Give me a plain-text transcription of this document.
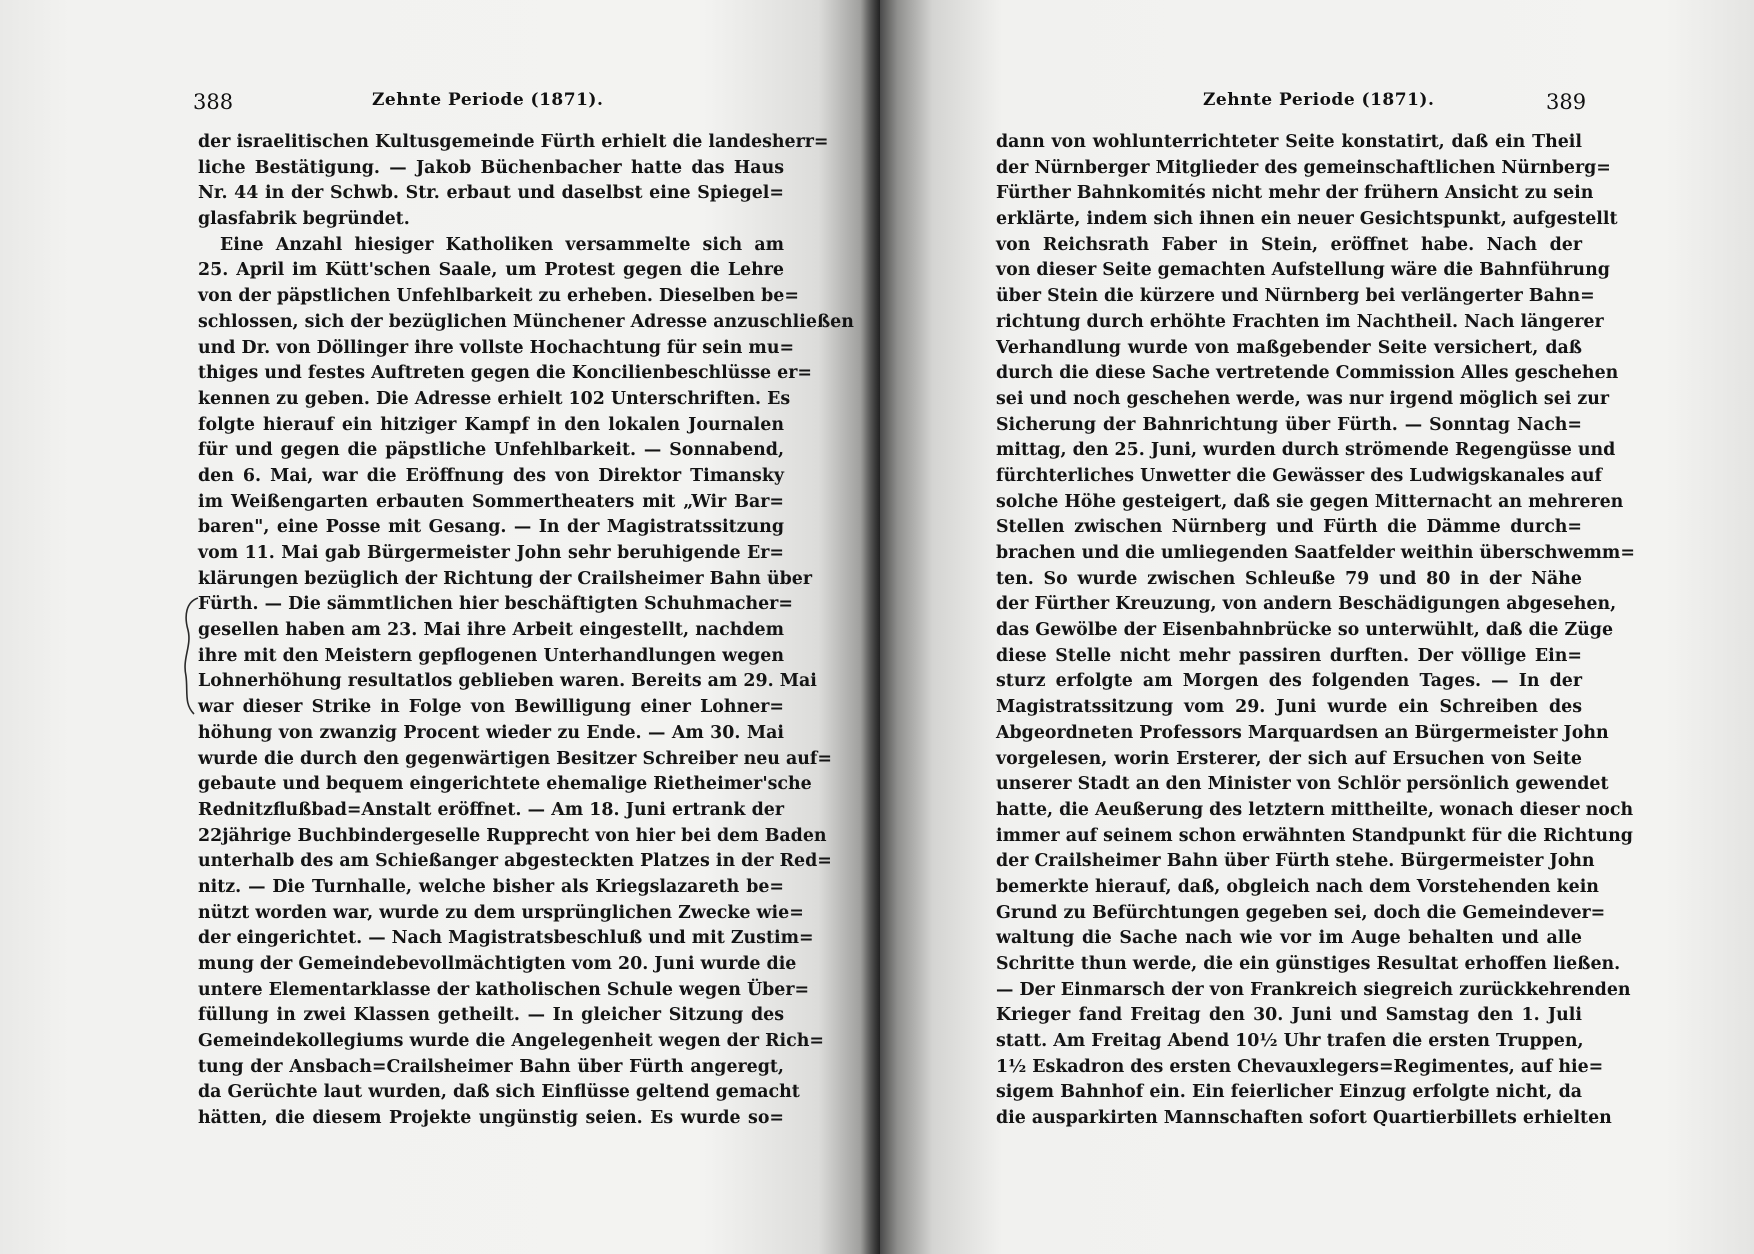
388	Zehnte Periode (1871).
der israelitischen Kultusgemeinde Fürth erhielt die landesherr=
liche Bestätigung. — Jakob Büchenbacher hatte das Haus
Nr. 44 in der Schwb. Str. erbaut und daselbst eine Spiegel=
glasfabrik begründet.
Eine Anzahl hiesiger Katholiken versammelte sich am
25. April im Kütt'schen Saale, um Protest gegen die Lehre
von der päpstlichen Unfehlbarkeit zu erheben. Dieselben be=
schlossen, sich der bezüglichen Münchener Adresse anzuschließen
und Dr. von Döllinger ihre vollste Hochachtung für sein mu=
thiges und festes Auftreten gegen die Koncilienbeschlüsse er=
kennen zu geben. Die Adresse erhielt 102 Unterschriften. Es
folgte hierauf ein hitziger Kampf in den lokalen Journalen
für und gegen die päpstliche Unfehlbarkeit. — Sonnabend,
den 6. Mai, war die Eröffnung des von Direktor Timansky
im Weißengarten erbauten Sommertheaters mit „Wir Bar=
baren", eine Posse mit Gesang. — In der Magistratssitzung
vom 11. Mai gab Bürgermeister John sehr beruhigende Er=
klärungen bezüglich der Richtung der Crailsheimer Bahn über
Fürth. — Die sämmtlichen hier beschäftigten Schuhmacher=
gesellen haben am 23. Mai ihre Arbeit eingestellt, nachdem
ihre mit den Meistern gepflogenen Unterhandlungen wegen
Lohnerhöhung resultatlos geblieben waren. Bereits am 29. Mai
war dieser Strike in Folge von Bewilligung einer Lohner=
höhung von zwanzig Procent wieder zu Ende. — Am 30. Mai
wurde die durch den gegenwärtigen Besitzer Schreiber neu auf=
gebaute und bequem eingerichtete ehemalige Rietheimer'sche
Rednitzflußbad=Anstalt eröffnet. — Am 18. Juni ertrank der
22jährige Buchbindergeselle Rupprecht von hier bei dem Baden
unterhalb des am Schießanger abgesteckten Platzes in der Red=
nitz. — Die Turnhalle, welche bisher als Kriegslazareth be=
nützt worden war, wurde zu dem ursprünglichen Zwecke wie=
der eingerichtet. — Nach Magistratsbeschluß und mit Zustim=
mung der Gemeindebevollmächtigten vom 20. Juni wurde die
untere Elementarklasse der katholischen Schule wegen Über=
füllung in zwei Klassen getheilt. — In gleicher Sitzung des
Gemeindekollegiums wurde die Angelegenheit wegen der Rich=
tung der Ansbach=Crailsheimer Bahn über Fürth angeregt,
da Gerüchte laut wurden, daß sich Einflüsse geltend gemacht
hätten, die diesem Projekte ungünstig seien. Es wurde so=
Zehnte Periode (1871).	389
dann von wohlunterrichteter Seite konstatirt, daß ein Theil
der Nürnberger Mitglieder des gemeinschaftlichen Nürnberg=
Fürther Bahnkomités nicht mehr der frühern Ansicht zu sein
erklärte, indem sich ihnen ein neuer Gesichtspunkt, aufgestellt
von Reichsrath Faber in Stein, eröffnet habe. Nach der
von dieser Seite gemachten Aufstellung wäre die Bahnführung
über Stein die kürzere und Nürnberg bei verlängerter Bahn=
richtung durch erhöhte Frachten im Nachtheil. Nach längerer
Verhandlung wurde von maßgebender Seite versichert, daß
durch die diese Sache vertretende Commission Alles geschehen
sei und noch geschehen werde, was nur irgend möglich sei zur
Sicherung der Bahnrichtung über Fürth. — Sonntag Nach=
mittag, den 25. Juni, wurden durch strömende Regengüsse und
fürchterliches Unwetter die Gewässer des Ludwigskanales auf
solche Höhe gesteigert, daß sie gegen Mitternacht an mehreren
Stellen zwischen Nürnberg und Fürth die Dämme durch=
brachen und die umliegenden Saatfelder weithin überschwemm=
ten. So wurde zwischen Schleuße 79 und 80 in der Nähe
der Fürther Kreuzung, von andern Beschädigungen abgesehen,
das Gewölbe der Eisenbahnbrücke so unterwühlt, daß die Züge
diese Stelle nicht mehr passiren durften. Der völlige Ein=
sturz erfolgte am Morgen des folgenden Tages. — In der
Magistratssitzung vom 29. Juni wurde ein Schreiben des
Abgeordneten Professors Marquardsen an Bürgermeister John
vorgelesen, worin Ersterer, der sich auf Ersuchen von Seite
unserer Stadt an den Minister von Schlör persönlich gewendet
hatte, die Aeußerung des letztern mittheilte, wonach dieser noch
immer auf seinem schon erwähnten Standpunkt für die Richtung
der Crailsheimer Bahn über Fürth stehe. Bürgermeister John
bemerkte hierauf, daß, obgleich nach dem Vorstehenden kein
Grund zu Befürchtungen gegeben sei, doch die Gemeindever=
waltung die Sache nach wie vor im Auge behalten und alle
Schritte thun werde, die ein günstiges Resultat erhoffen ließen.
— Der Einmarsch der von Frankreich siegreich zurückkehrenden
Krieger fand Freitag den 30. Juni und Samstag den 1. Juli
statt. Am Freitag Abend 10½ Uhr trafen die ersten Truppen,
1½ Eskadron des ersten Chevauxlegers=Regimentes, auf hie=
sigem Bahnhof ein. Ein feierlicher Einzug erfolgte nicht, da
die ausparkirten Mannschaften sofort Quartierbillets erhielten
